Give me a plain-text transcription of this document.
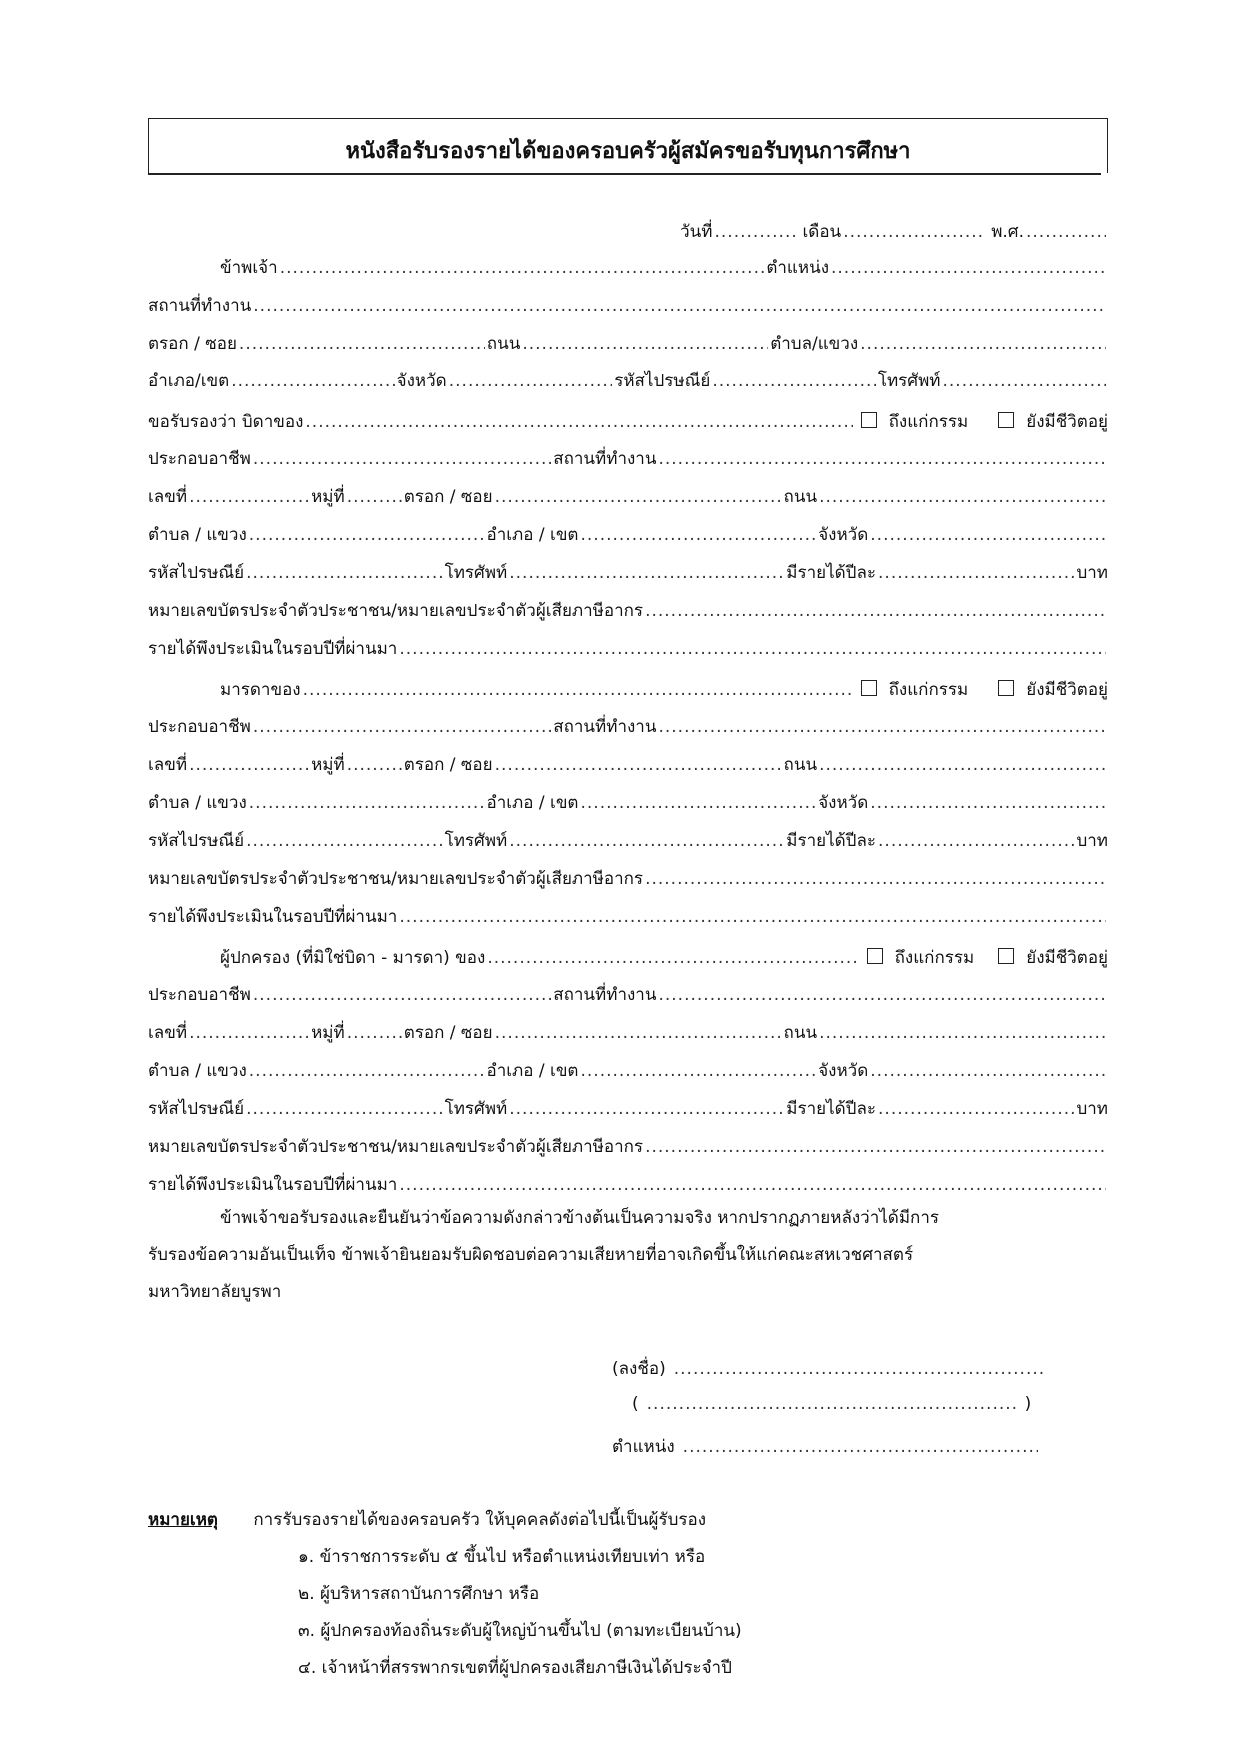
หนังสือรับรองรายได้ของครอบครัวผู้สมัครขอรับทุนการศึกษา
วันที่ .....	เดือน .....	พ.ศ.
.....
ข้าพเจ้า .....	ตำแหน่ง
.....
สถานที่ทำงาน
.....
ตรอก / ซอย .....	ถนน .....	ตำบล/แขวง
.....
อำเภอ/เขต .....	จังหวัด .....	รหัสไปรษณีย์ .....	โทรศัพท์
.....
ขอรับรองว่า บิดาของ .....	ถึงแก่กรรม	ยังมีชีวิตอยู่
ประกอบอาชีพ .....	สถานที่ทำงาน
.....
เลขที่ .....	หมู่ที่ .....	ตรอก / ซอย .....	ถนน
.....
ตำบล / แขวง .....	อำเภอ / เขต .....	จังหวัด
.....
รหัสไปรษณีย์ .....	โทรศัพท์ .....	มีรายได้ปีละ .....	บาท
หมายเลขบัตรประจำตัวประชาชน/หมายเลขประจำตัวผู้เสียภาษีอากร
.....
รายได้พึงประเมินในรอบปีที่ผ่านมา
.....
มารดาของ .....	ถึงแก่กรรม	ยังมีชีวิตอยู่
ประกอบอาชีพ .....	สถานที่ทำงาน
.....
เลขที่ .....	หมู่ที่ .....	ตรอก / ซอย .....	ถนน
.....
ตำบล / แขวง .....	อำเภอ / เขต .....	จังหวัด
.....
รหัสไปรษณีย์ .....	โทรศัพท์ .....	มีรายได้ปีละ .....	บาท
หมายเลขบัตรประจำตัวประชาชน/หมายเลขประจำตัวผู้เสียภาษีอากร
.....
รายได้พึงประเมินในรอบปีที่ผ่านมา
.....
ผู้ปกครอง (ที่มิใช่บิดา - มารดา) ของ .....	ถึงแก่กรรม	ยังมีชีวิตอยู่
ประกอบอาชีพ .....	สถานที่ทำงาน
.....
เลขที่ .....	หมู่ที่ .....	ตรอก / ซอย .....	ถนน
.....
ตำบล / แขวง .....	อำเภอ / เขต .....	จังหวัด
.....
รหัสไปรษณีย์ .....	โทรศัพท์ .....	มีรายได้ปีละ .....	บาท
หมายเลขบัตรประจำตัวประชาชน/หมายเลขประจำตัวผู้เสียภาษีอากร
.....
รายได้พึงประเมินในรอบปีที่ผ่านมา
.....
ข้าพเจ้าขอรับรองและยืนยันว่าข้อความดังกล่าวข้างต้นเป็นความจริง หากปรากฏภายหลังว่าได้มีการ
รับรองข้อความอันเป็นเท็จ ข้าพเจ้ายินยอมรับผิดชอบต่อความเสียหายที่อาจเกิดขึ้นให้แก่คณะสหเวชศาสตร์
มหาวิทยาลัยบูรพา
(ลงชื่อ)
.....
( .....	)
ตำแหน่ง
.....
หมายเหตุ การรับรองรายได้ของครอบครัว ให้บุคคลดังต่อไปนี้เป็นผู้รับรอง
๑. ข้าราชการระดับ ๕ ขึ้นไป หรือตำแหน่งเทียบเท่า หรือ
๒. ผู้บริหารสถาบันการศึกษา หรือ
๓. ผู้ปกครองท้องถิ่นระดับผู้ใหญ่บ้านขึ้นไป (ตามทะเบียนบ้าน)
๔. เจ้าหน้าที่สรรพากรเขตที่ผู้ปกครองเสียภาษีเงินได้ประจำปี
